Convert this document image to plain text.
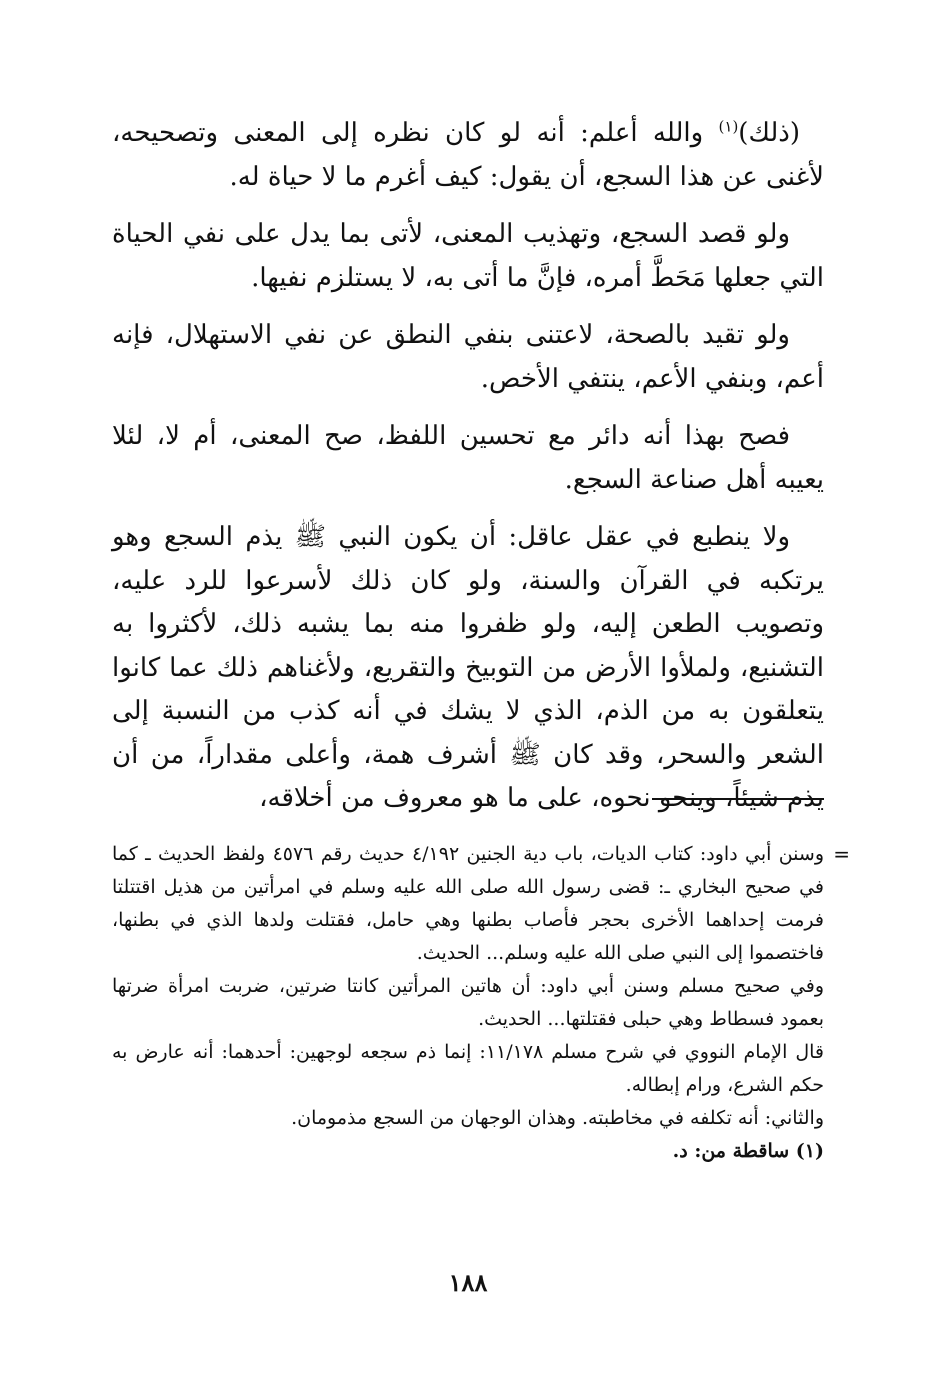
(ذلك)$^{(١)}$ والله أعلم: أنه لو كان نظره إلى المعنى وتصحيحه، لأغنى عن هذا السجع، أن يقول: كيف أغرم ما لا حياة له.

ولو قصد السجع، وتهذيب المعنى، لأتى بما يدل على نفي الحياة التي جعلها مَحَطَّ أمره، فإنَّ ما أتى به، لا يستلزم نفيها.

ولو تقيد بالصحة، لاعتنى بنفي النطق عن نفي الاستهلال، فإنه أعم، وبنفي الأعم، ينتفي الأخص.

فصح بهذا أنه دائر مع تحسين اللفظ، صح المعنى، أم لا، لئلا يعيبه أهل صناعة السجع.

ولا ينطبع في عقل عاقل: أن يكون النبي ﷺ يذم السجع وهو يرتكبه في القرآن والسنة، ولو كان ذلك لأسرعوا للرد عليه، وتصويب الطعن إليه، ولو ظفروا منه بما يشبه ذلك، لأكثروا به التشنيع، ولملأوا الأرض من التوبيخ والتقريع، ولأغناهم ذلك عما كانوا يتعلقون به من الذم، الذي لا يشك في أنه كذب من النسبة إلى الشعر والسحر، وقد كان ﷺ أشرف همة، وأعلى مقداراً، من أن يذم شيئاً، وينحو نحوه، على ما هو معروف من أخلاقه،

=
وسنن أبي داود: كتاب الديات، باب دية الجنين ٤/١٩٢ حديث رقم ٤٥٧٦ ولفظ الحديث ـ كما في صحيح البخاري ـ: قضى رسول الله صلى الله عليه وسلم في امرأتين من هذيل اقتتلتا فرمت إحداهما الأخرى بحجر فأصاب بطنها وهي حامل، فقتلت ولدها الذي في بطنها، فاختصموا إلى النبي صلى الله عليه وسلم... الحديث.

وفي صحيح مسلم وسنن أبي داود: أن هاتين المرأتين كانتا ضرتين، ضربت امرأة ضرتها بعمود فسطاط وهي حبلى فقتلتها... الحديث.

قال الإمام النووي في شرح مسلم ١١/١٧٨: إنما ذم سجعه لوجهين: أحدهما: أنه عارض به حكم الشرع، ورام إبطاله.

والثاني: أنه تكلفه في مخاطبته. وهذان الوجهان من السجع مذمومان.

(١) ساقطة من: د.

١٨٨
